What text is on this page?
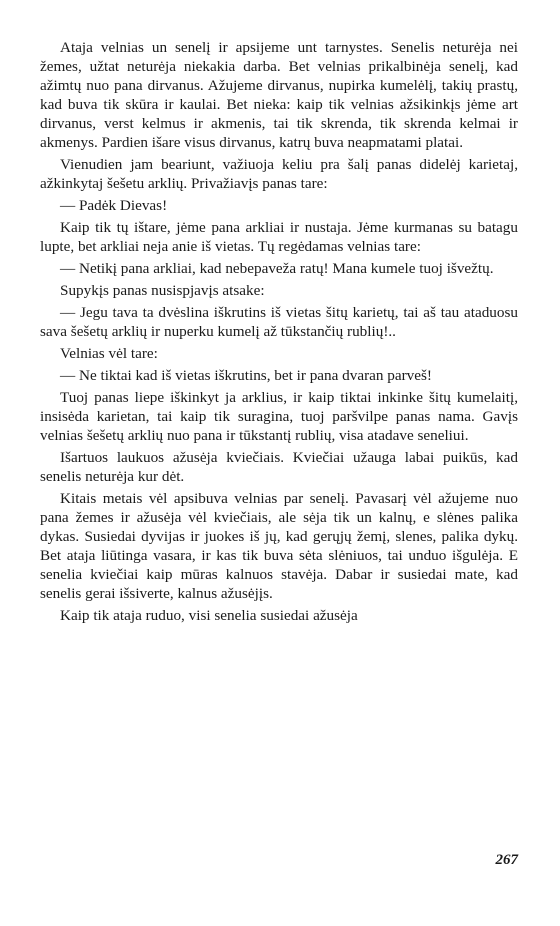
Ataja velnias un senelį ir apsijeme unt tarnystes. Senelis neturėja nei žemes, užtat neturėja niekakia darba. Bet velnias prikalbinėja senelį, kad ažimtų nuo pana dirvanus. Ažujeme dirvanus, nupirka kumelėlį, takių prastų, kad buva tik skūra ir kaulai. Bet nieka: kaip tik velnias ažsikinkįs jėme art dirvanus, verst kelmus ir akmenis, tai tik skrenda, tik skrenda kelmai ir akmenys. Pardien išare visus dirvanus, katrų buva neapmatami platai.

Vienudien jam beariunt, važiuoja keliu pra šalį panas didelėj karietaj, ažkinkytaj šešetu arklių. Privažiavįs panas tare:

— Padėk Dievas!

Kaip tik tų ištare, jėme pana arkliai ir nustaja. Jėme kurmanas su batagu lupte, bet arkliai neja anie iš vietas. Tų regėdamas velnias tare:

— Netikį pana arkliai, kad nebepaveža ratų! Mana kumele tuoj išvežtų.

Supykįs panas nusispjavįs atsake:

— Jegu tava ta dvėslina iškrutins iš vietas šitų karietų, tai aš tau ataduosu sava šešetų arklių ir nuperku kumelį až tūkstančių rublių!..

Velnias vėl tare:

— Ne tiktai kad iš vietas iškrutins, bet ir pana dvaran parveš!

Tuoj panas liepe iškinkyt ja arklius, ir kaip tiktai inkinke šitų kumelaitį, insisėda karietan, tai kaip tik suragina, tuoj paršvilpe panas nama. Gavįs velnias šešetų arklių nuo pana ir tūkstantį rublių, visa atadave seneliui.

Išartuos laukuos ažusėja kviečiais. Kviečiai užauga labai puikūs, kad senelis neturėja kur dėt.

Kitais metais vėl apsibuva velnias par senelį. Pavasarį vėl ažujeme nuo pana žemes ir ažusėja vėl kviečiais, ale sėja tik un kalnų, e slėnes palika dykas. Susiedai dyvijas ir juokes iš jų, kad gerųjų žemį, slenes, palika dykų. Bet ataja liūtinga vasara, ir kas tik buva sėta slėniuos, tai unduo išgulėja. E senelia kviečiai kaip mūras kalnuos stavėja. Dabar ir susiedai mate, kad senelis gerai išsiverte, kalnus ažusėjįs.

Kaip tik ataja ruduo, visi senelia susiedai ažusėja

267
